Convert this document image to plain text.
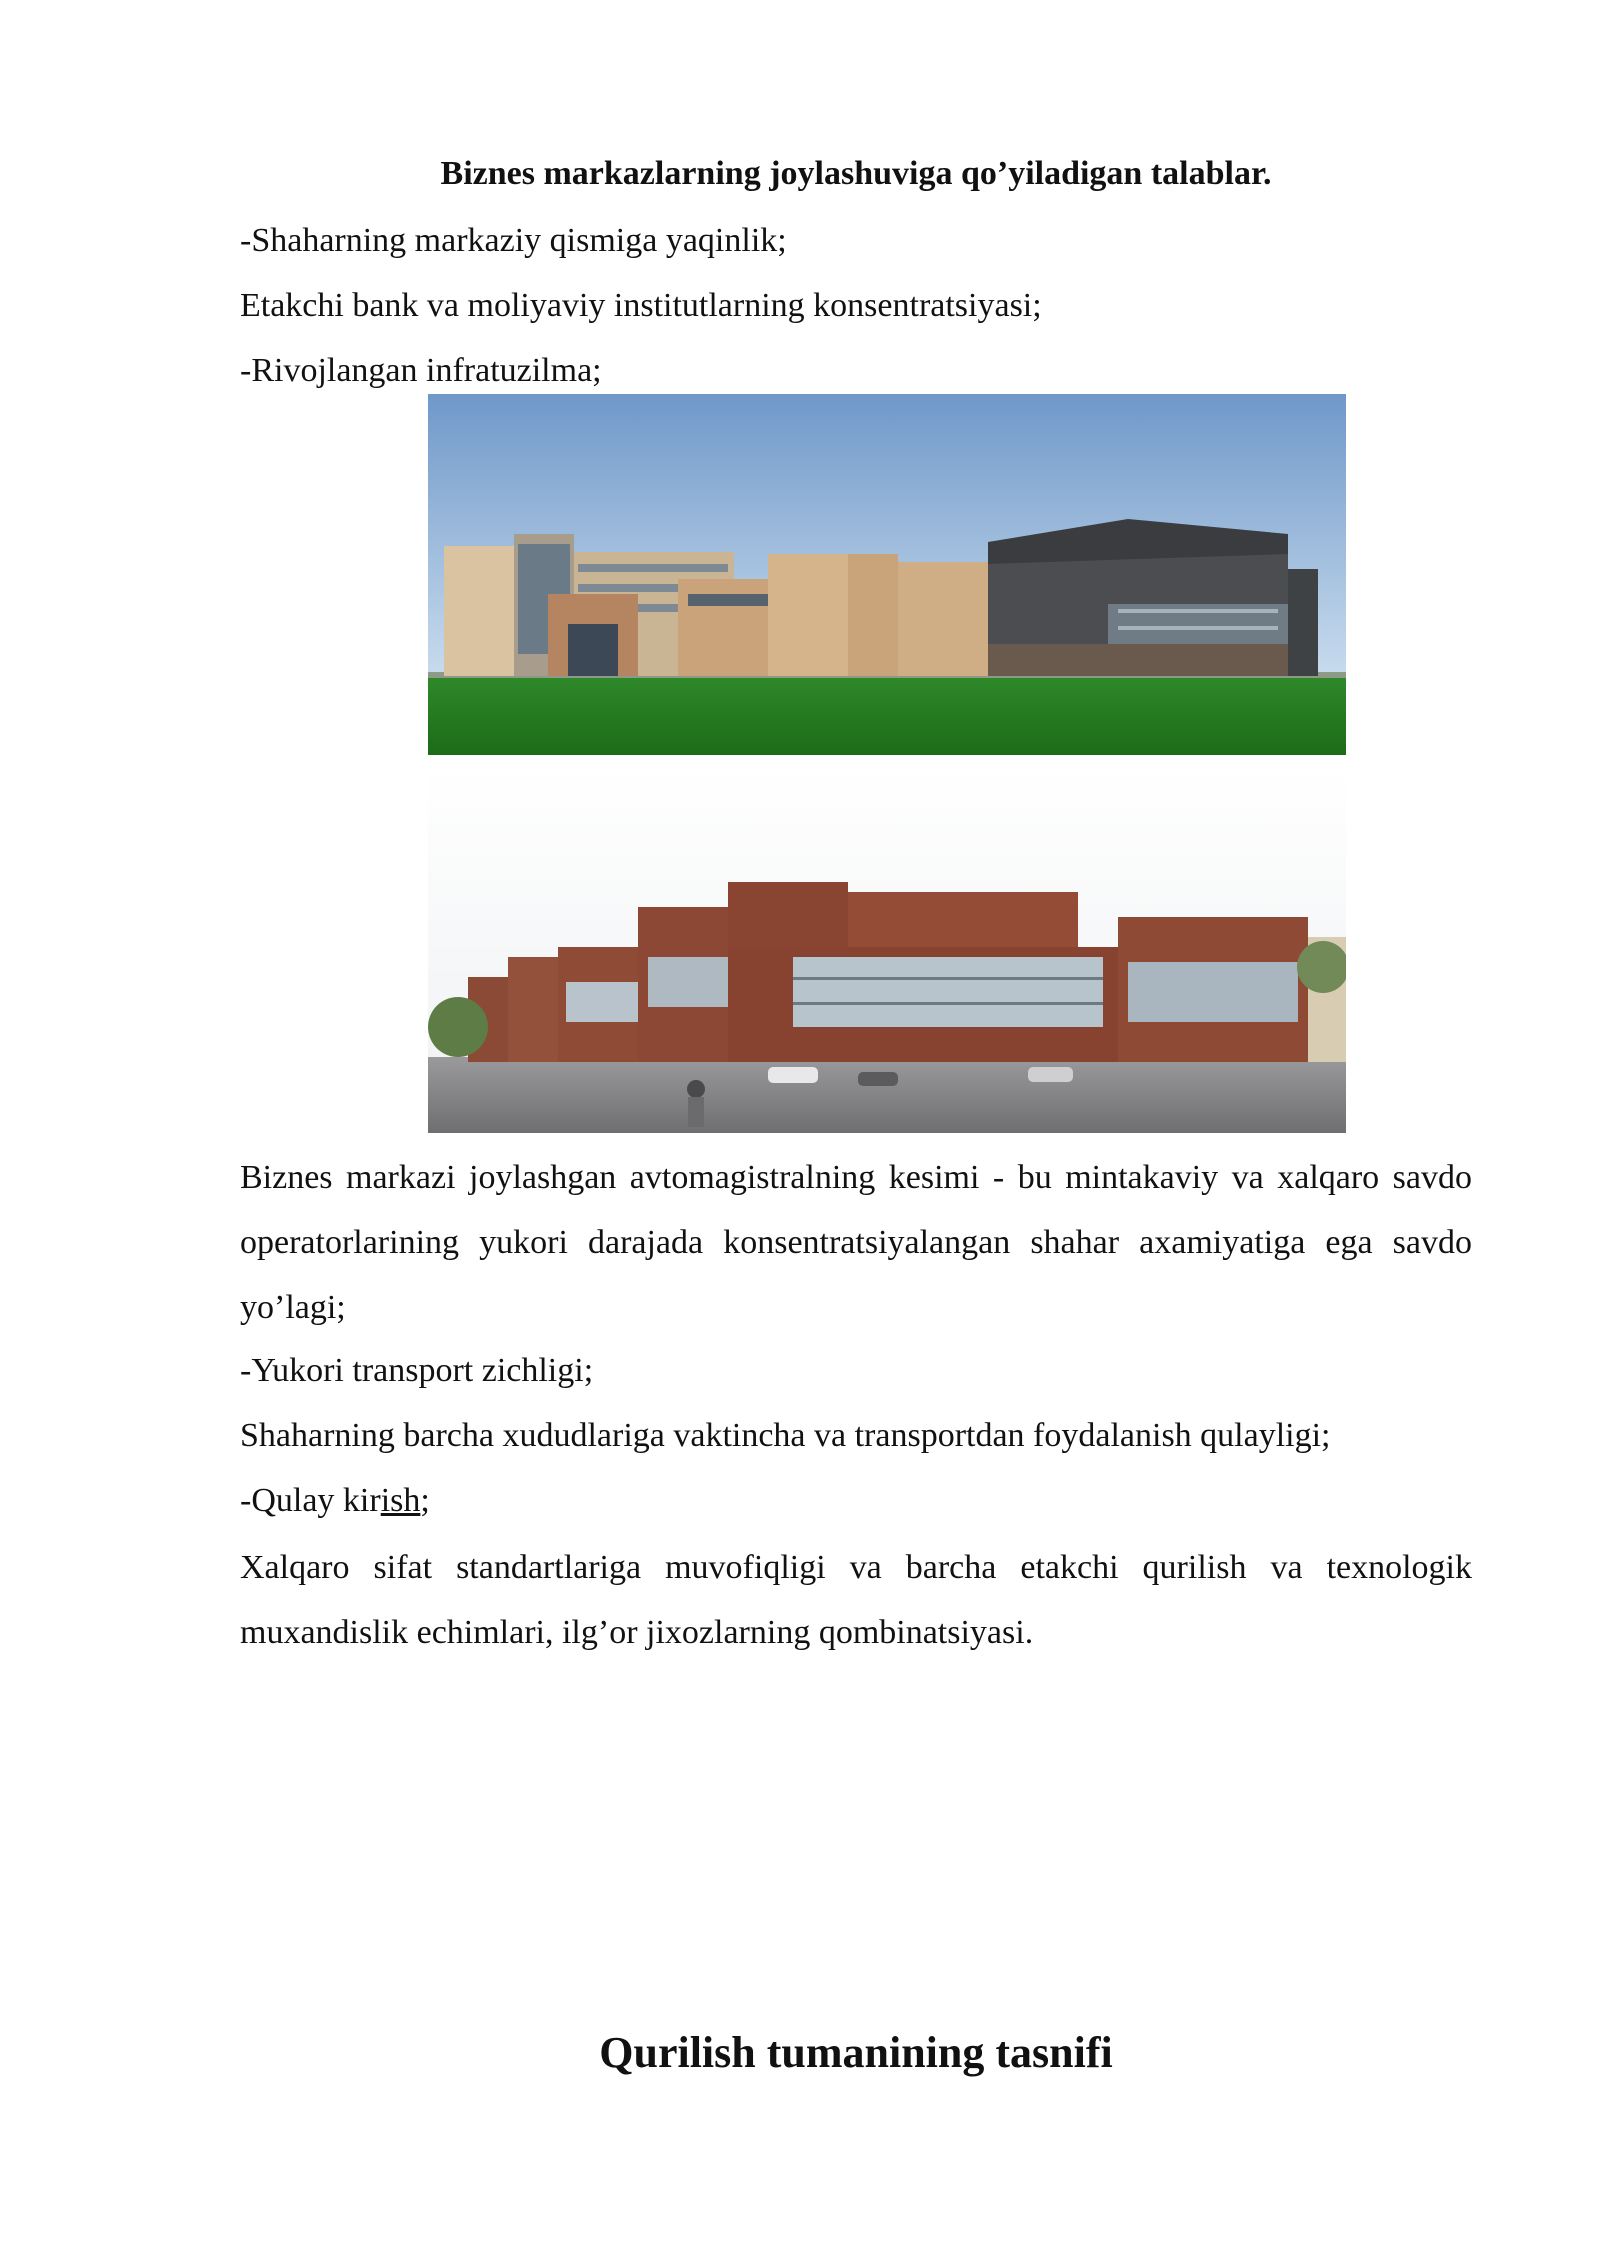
Biznes markazlarning joylashuviga qo’yiladigan talablar.
-Shaharning markaziy qismiga yaqinlik;
Etakchi bank va moliyaviy institutlarning konsentratsiyasi;
-Rivojlangan infratuzilma;
Biznes markazi joylashgan avtomagistralning kesimi - bu mintakaviy va xalqaro savdo operatorlarining yukori darajada konsentratsiyalangan shahar axamiyatiga ega savdo yo’lagi;
-Yukori transport zichligi;
Shaharning barcha xududlariga vaktincha va transportdan foydalanish qulayligi;
-Qulay kirish;
Xalqaro sifat standartlariga muvofiqligi va barcha etakchi qurilish va texnologik muxandislik echimlari, ilg’or jixozlarning qombinatsiyasi.
Qurilish tumanining tasnifi
